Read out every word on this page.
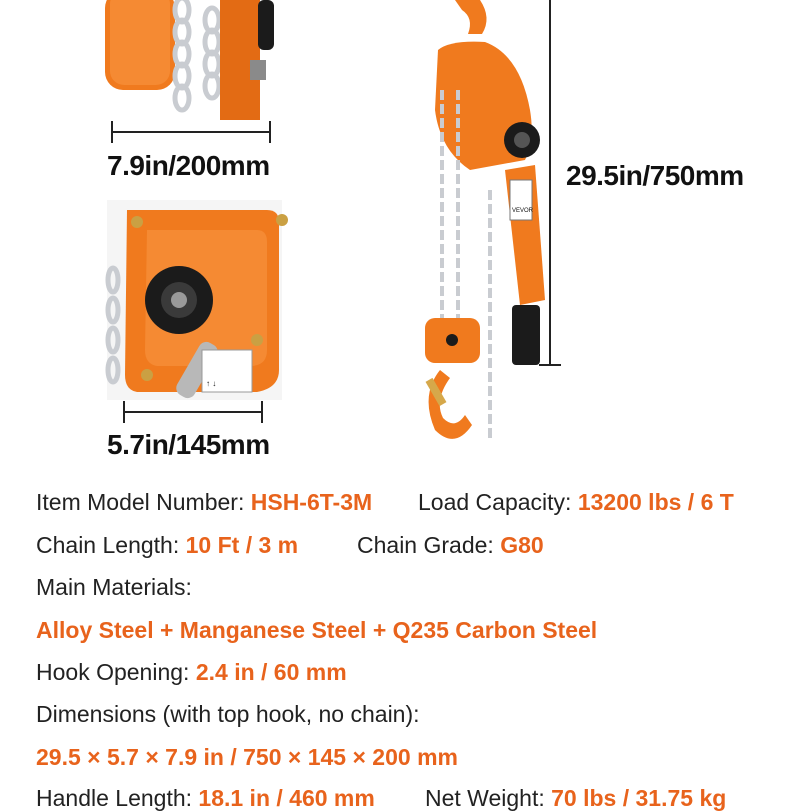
7.9in/200mm
↑ ↓
5.7in/145mm
VEVOR
29.5in/750mm
Item Model Number: HSH-6T-3M Load Capacity: 13200 lbs / 6 T
Chain Length: 10 Ft / 3 m	Chain Grade: G80
Main Materials:
Alloy Steel + Manganese Steel + Q235 Carbon Steel
Hook Opening: 2.4 in / 60 mm
Dimensions (with top hook, no chain):
29.5 × 5.7 × 7.9 in / 750 × 145 × 200 mm
Handle Length: 18.1 in / 460 mm Net Weight: 70 lbs / 31.75 kg
